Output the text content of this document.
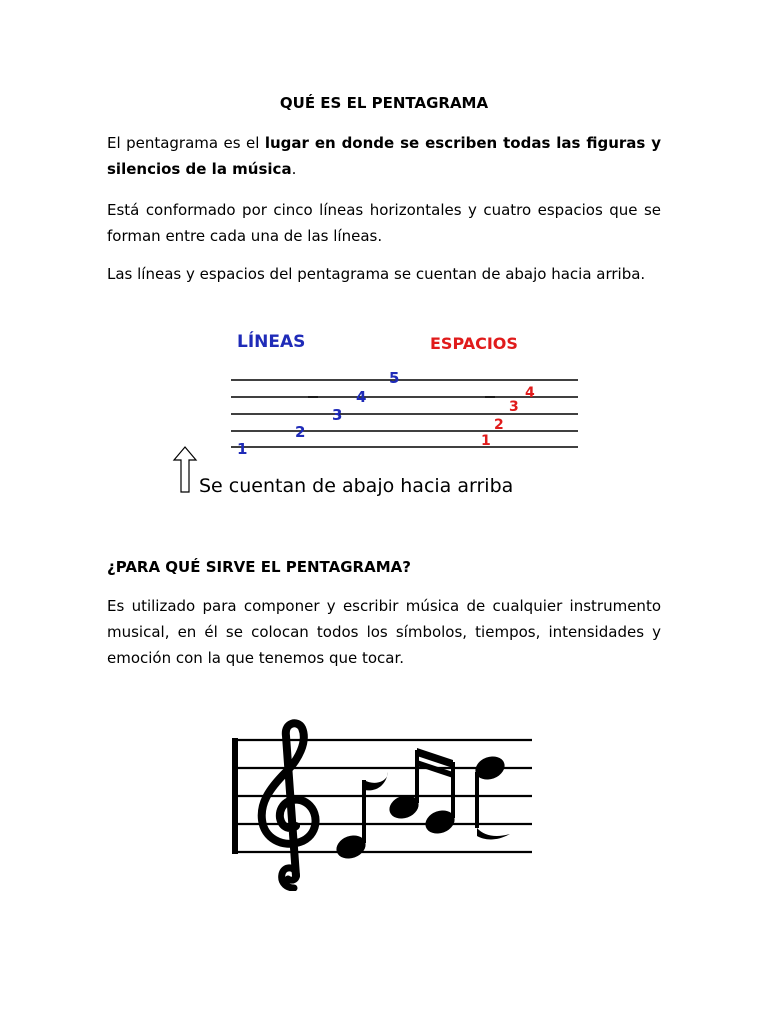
QUÉ ES EL PENTAGRAMA
El pentagrama es el lugar en donde se escriben todas las figuras y silencios de la música.
Está conformado por cinco líneas horizontales y cuatro espacios que se forman entre cada una de las líneas.
Las líneas y espacios del pentagrama se cuentan de abajo hacia arriba.
LÍNEAS	ESPACIOS
1
2
3
4
5
1
2
3
4
Se cuentan de abajo hacia arriba
¿PARA QUÉ SIRVE EL PENTAGRAMA?
Es utilizado para componer y escribir música de cualquier instrumento musical, en él se colocan todos los símbolos, tiempos, intensidades y emoción con la que tenemos que tocar.
